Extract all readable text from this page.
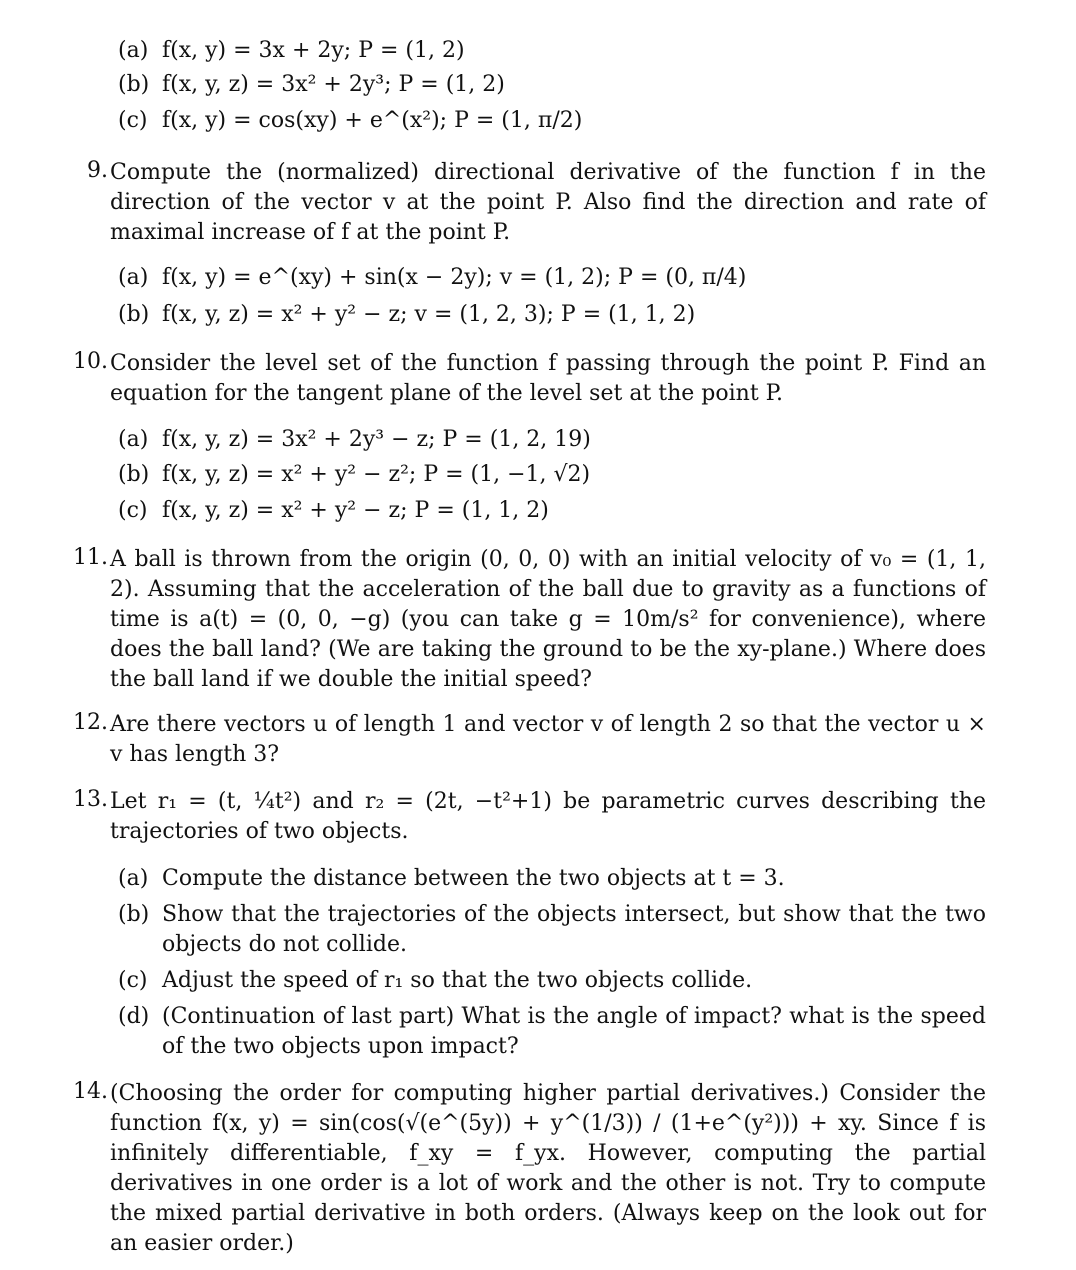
(a) f(x, y) = 3x + 2y; P = (1, 2)
(b) f(x, y, z) = 3x² + 2y³; P = (1, 2)
(c) f(x, y) = cos(xy) + e^(x²); P = (1, π/2)
9. Compute the (normalized) directional derivative of the function f in the direction of the vector v at the point P. Also find the direction and rate of maximal increase of f at the point P.
(a) f(x, y) = e^(xy) + sin(x − 2y); v = (1, 2); P = (0, π/4)
(b) f(x, y, z) = x² + y² − z; v = (1, 2, 3); P = (1, 1, 2)
10. Consider the level set of the function f passing through the point P. Find an equation for the tangent plane of the level set at the point P.
(a) f(x, y, z) = 3x² + 2y³ − z; P = (1, 2, 19)
(b) f(x, y, z) = x² + y² − z²; P = (1, −1, √2)
(c) f(x, y, z) = x² + y² − z; P = (1, 1, 2)
11. A ball is thrown from the origin (0, 0, 0) with an initial velocity of v₀ = (1, 1, 2). Assuming that the acceleration of the ball due to gravity as a functions of time is a(t) = (0, 0, −g) (you can take g = 10m/s² for convenience), where does the ball land? (We are taking the ground to be the xy-plane.) Where does the ball land if we double the initial speed?
12. Are there vectors u of length 1 and vector v of length 2 so that the vector u × v has length 3?
13. Let r₁ = (t, ¼t²) and r₂ = (2t, −t²+1) be parametric curves describing the trajectories of two objects.
(a) Compute the distance between the two objects at t = 3.
(b) Show that the trajectories of the objects intersect, but show that the two objects do not collide.
(c) Adjust the speed of r₁ so that the two objects collide.
(d) (Continuation of last part) What is the angle of impact? what is the speed of the two objects upon impact?
14. (Choosing the order for computing higher partial derivatives.) Consider the function f(x, y) = sin(cos(√(e^(5y)) + y^(1/3)) / (1+e^(y²))) + xy. Since f is infinitely differentiable, f_xy = f_yx. However, computing the partial derivatives in one order is a lot of work and the other is not. Try to compute the mixed partial derivative in both orders. (Always keep on the look out for an easier order.)
